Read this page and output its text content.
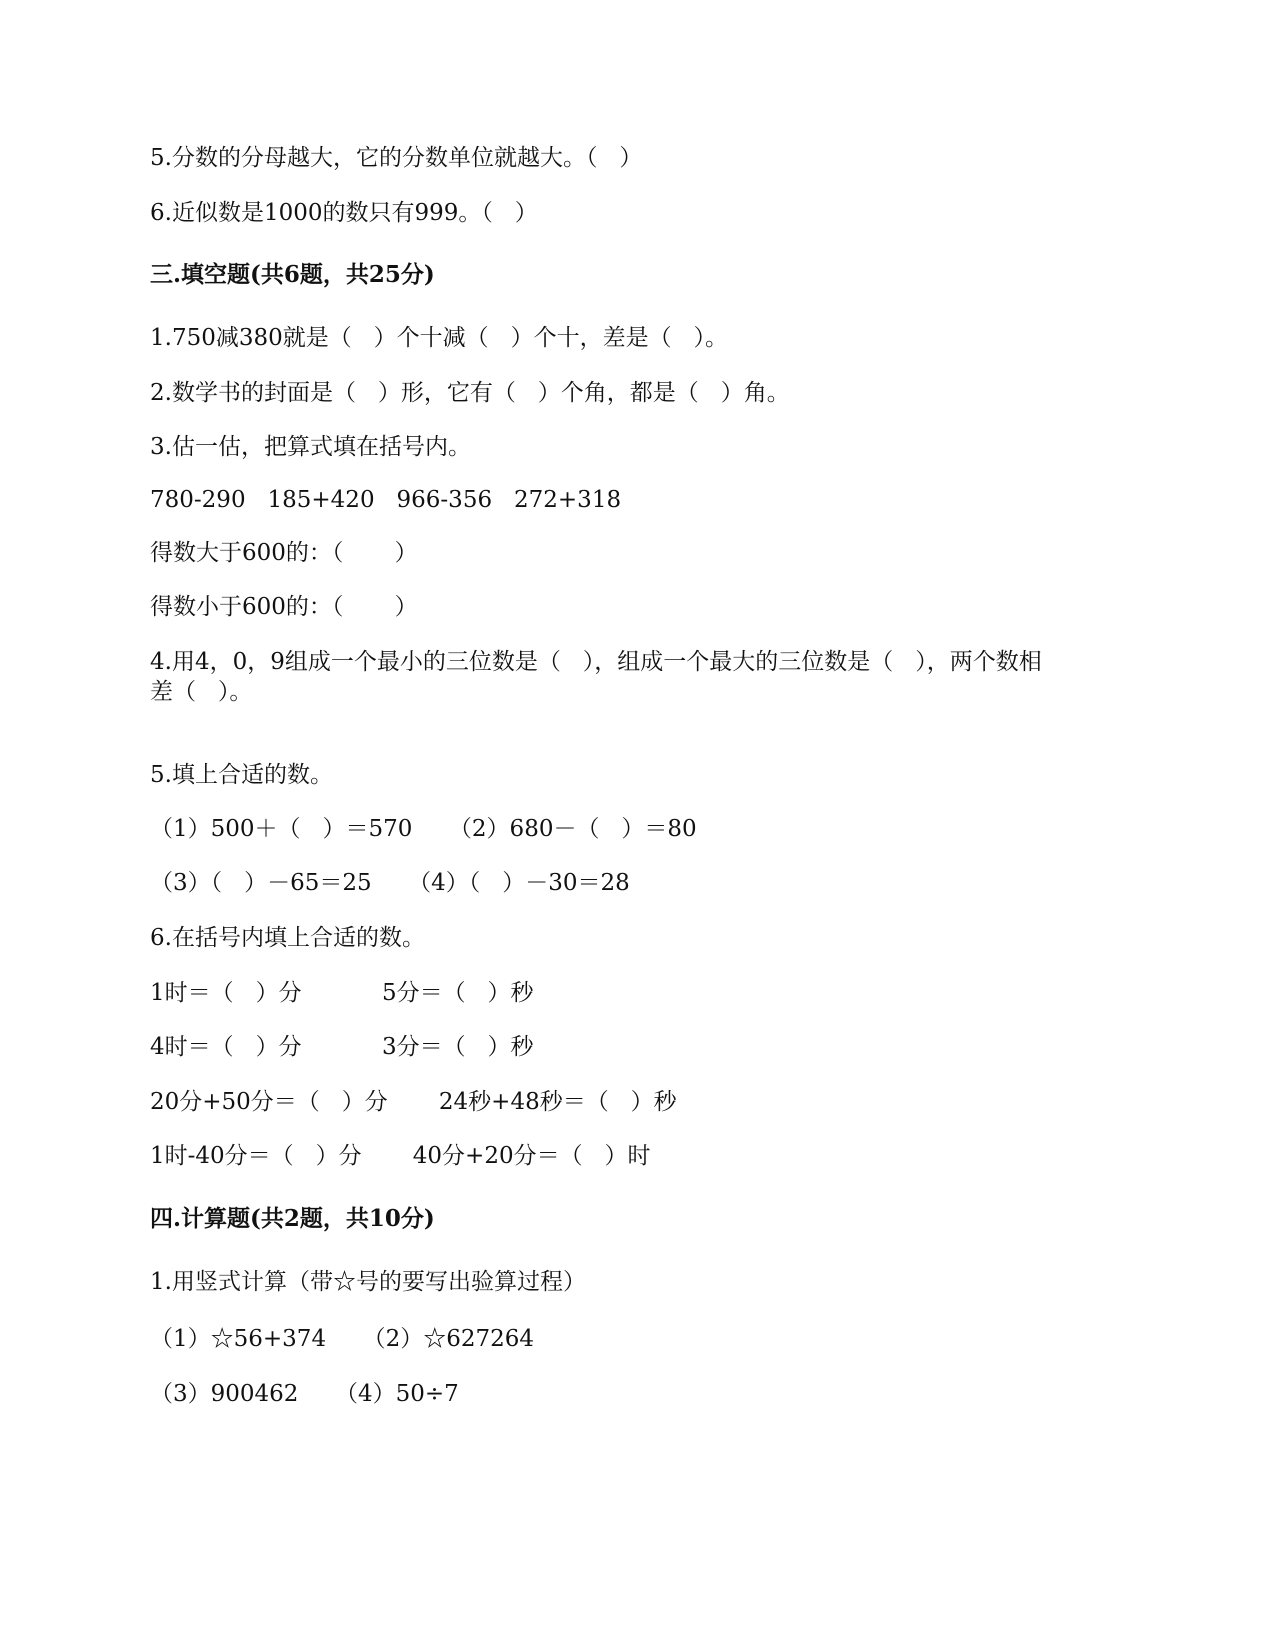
5.分数的分母越大，它的分数单位就越大。（   ）
6.近似数是1000的数只有999。（   ）
三.填空题(共6题，共25分)
1.750减380就是（   ）个十减（   ）个十，差是（   ）。
2.数学书的封面是（   ）形，它有（   ）个角，都是（   ）角。
3.估一估，把算式填在括号内。
780-290   185+420   966-356   272+318
得数大于600的：（       ）
得数小于600的：（       ）
4.用4，0，9组成一个最小的三位数是（   ），组成一个最大的三位数是（   ），两个数相
差（   ）。
5.填上合适的数。
（1）500＋（   ）＝570     （2）680－（   ）＝80
（3）（   ）－65＝25     （4）（   ）－30＝28
6.在括号内填上合适的数。
1时＝（   ）分           5分＝（   ）秒
4时＝（   ）分           3分＝（   ）秒
20分+50分＝（   ）分       24秒+48秒＝（   ）秒
1时-40分＝（   ）分       40分+20分＝（   ）时
四.计算题(共2题，共10分)
1.用竖式计算（带☆号的要写出验算过程）
（1）☆56+374     （2）☆627264
（3）900462     （4）50÷7
